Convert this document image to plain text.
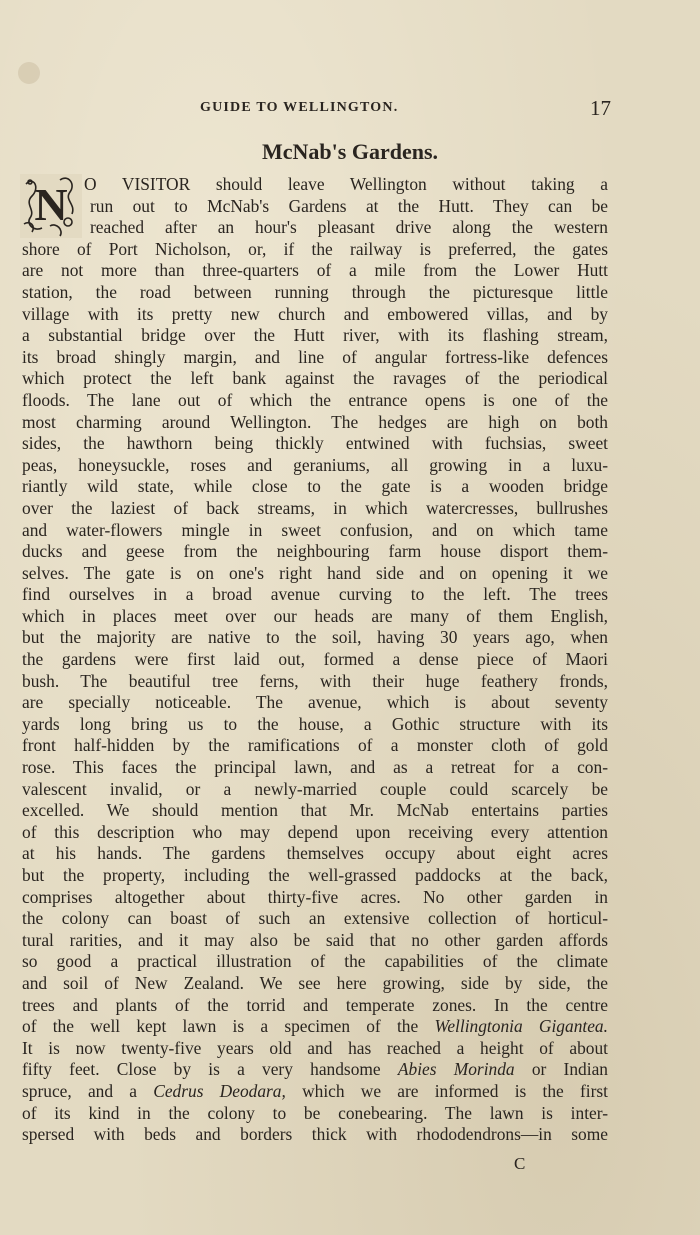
GUIDE TO WELLINGTON.	17
McNab's Gardens.
N O VISITOR should leave Wellington without taking a
run out to McNab's Gardens at the Hutt. They can be
reached after an hour's pleasant drive along the western
shore of Port Nicholson, or, if the railway is preferred, the gates
are not more than three-quarters of a mile from the Lower Hutt
station, the road between running through the picturesque little
village with its pretty new church and embowered villas, and by
a substantial bridge over the Hutt river, with its flashing stream,
its broad shingly margin, and line of angular fortress-like defences
which protect the left bank against the ravages of the periodical
floods. The lane out of which the entrance opens is one of the
most charming around Wellington. The hedges are high on both
sides, the hawthorn being thickly entwined with fuchsias, sweet
peas, honeysuckle, roses and geraniums, all growing in a luxu-
riantly wild state, while close to the gate is a wooden bridge
over the laziest of back streams, in which watercresses, bullrushes
and water-flowers mingle in sweet confusion, and on which tame
ducks and geese from the neighbouring farm house disport them-
selves. The gate is on one's right hand side and on opening it we
find ourselves in a broad avenue curving to the left. The trees
which in places meet over our heads are many of them English,
but the majority are native to the soil, having 30 years ago, when
the gardens were first laid out, formed a dense piece of Maori
bush. The beautiful tree ferns, with their huge feathery fronds,
are specially noticeable. The avenue, which is about seventy
yards long bring us to the house, a Gothic structure with its
front half-hidden by the ramifications of a monster cloth of gold
rose. This faces the principal lawn, and as a retreat for a con-
valescent invalid, or a newly-married couple could scarcely be
excelled. We should mention that Mr. McNab entertains parties
of this description who may depend upon receiving every attention
at his hands. The gardens themselves occupy about eight acres
but the property, including the well-grassed paddocks at the back,
comprises altogether about thirty-five acres. No other garden in
the colony can boast of such an extensive collection of horticul-
tural rarities, and it may also be said that no other garden affords
so good a practical illustration of the capabilities of the climate
and soil of New Zealand. We see here growing, side by side, the
trees and plants of the torrid and temperate zones. In the centre
of the well kept lawn is a specimen of the Wellingtonia Gigantea.
It is now twenty-five years old and has reached a height of about
fifty feet. Close by is a very handsome Abies Morinda or Indian
spruce, and a Cedrus Deodara, which we are informed is the first
of its kind in the colony to be conebearing. The lawn is inter-
spersed with beds and borders thick with rhododendrons—in some
C
